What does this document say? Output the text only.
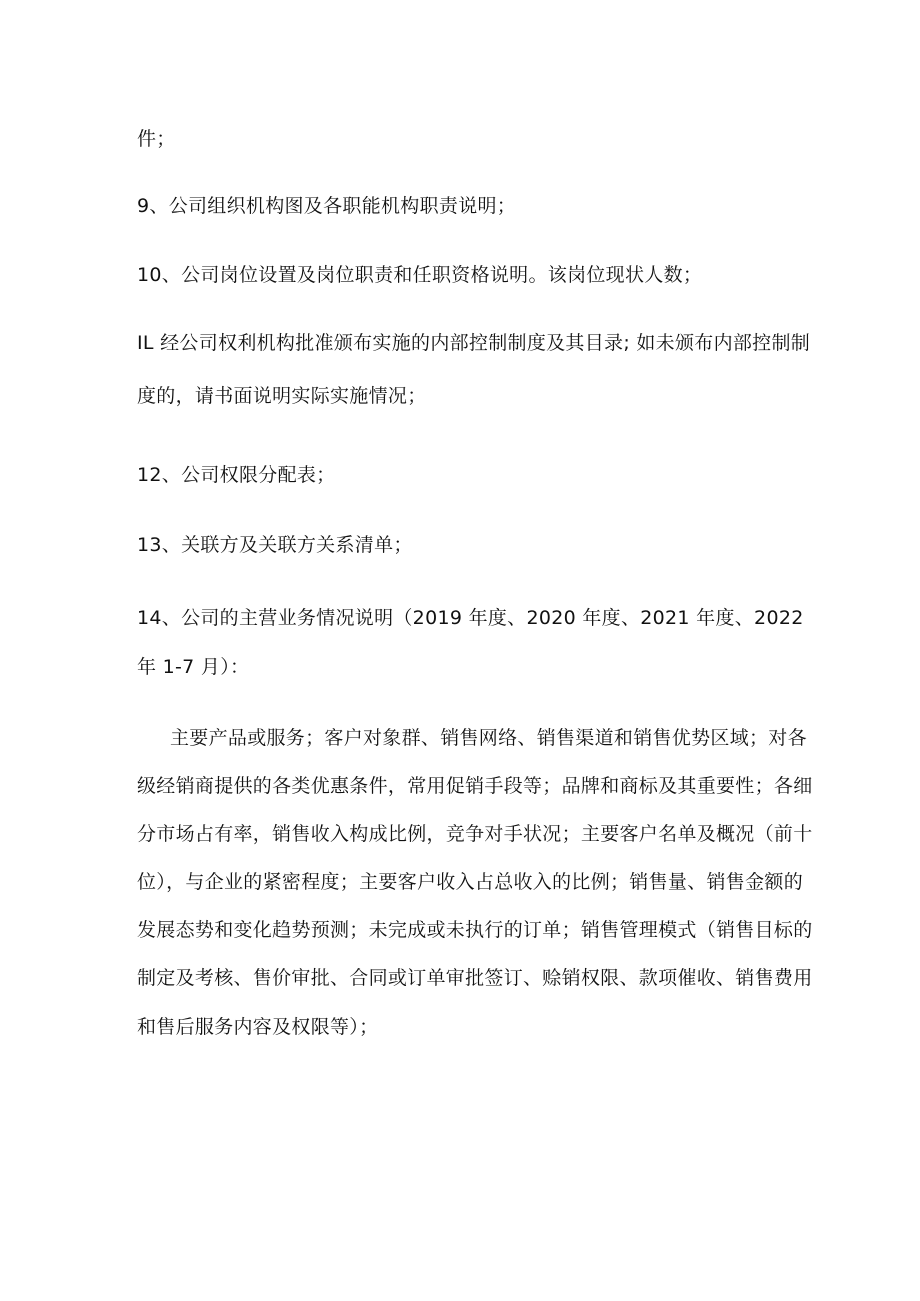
件；
9、公司组织机构图及各职能机构职责说明；
10、公司岗位设置及岗位职责和任职资格说明。该岗位现状人数；
IL 经公司权利机构批准颁布实施的内部控制制度及其目录; 如未颁布内部控制制
度的，请书面说明实际实施情况；
12、公司权限分配表；
13、关联方及关联方关系清单；
14、公司的主营业务情况说明（2019 年度、2020 年度、2021 年度、2022
年 1-7 月）：
主要产品或服务；客户对象群、销售网络、销售渠道和销售优势区域；对各
级经销商提供的各类优惠条件，常用促销手段等；品牌和商标及其重要性；各细
分市场占有率，销售收入构成比例，竞争对手状况；主要客户名单及概况（前十
位），与企业的紧密程度；主要客户收入占总收入的比例；销售量、销售金额的
发展态势和变化趋势预测；未完成或未执行的订单；销售管理模式（销售目标的
制定及考核、售价审批、合同或订单审批签订、赊销权限、款项催收、销售费用
和售后服务内容及权限等）；
